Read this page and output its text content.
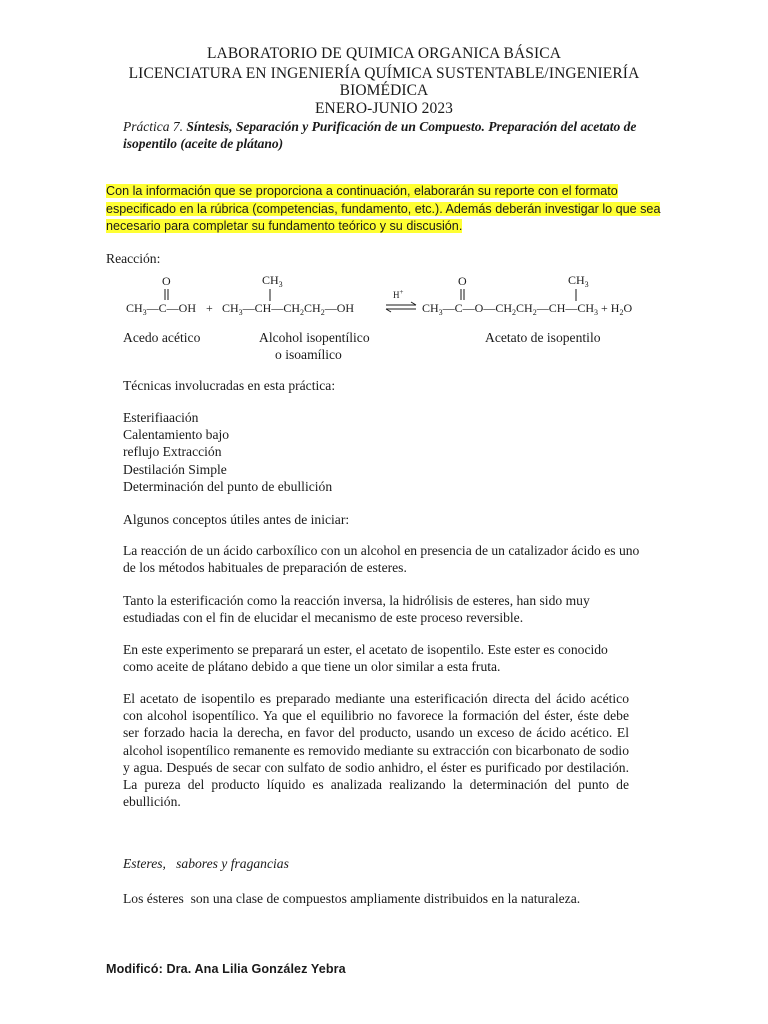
LABORATORIO DE QUIMICA ORGANICA BÁSICA
LICENCIATURA EN INGENIERÍA QUÍMICA SUSTENTABLE/INGENIERÍA
BIOMÉDICA
ENERO-JUNIO 2023
Práctica 7. Síntesis, Separación y Purificación de un Compuesto. Preparación del acetato de isopentilo (aceite de plátano)
Con la información que se proporciona a continuación, elaborarán su reporte con el formato especificado en la rúbrica (competencias, fundamento, etc.). Además deberán investigar lo que sea necesario para completar su fundamento teórico y su discusión.
Reacción:
O
$CH_3—C—OH$ +
$CH_3$
$CH_3—CH—CH_2CH_2—OH$
H+
O	$CH_3$
$CH_3—C—O—CH_2CH_2—CH—CH_3 + H_2O$
Acedo acético	Alcohol isopentílico
o isoamílico
Acetato de isopentilo
Técnicas involucradas en esta práctica:
Esterifiaación
Calentamiento bajo
reflujo Extracción
Destilación Simple
Determinación del punto de ebullición
Algunos conceptos útiles antes de iniciar:
La reacción de un ácido carboxílico con un alcohol en presencia de un catalizador ácido es uno de los métodos habituales de preparación de esteres.
Tanto la esterificación como la reacción inversa, la hidrólisis de esteres, han sido muy estudiadas con el fin de elucidar el mecanismo de este proceso reversible.
En este experimento se preparará un ester, el acetato de isopentilo. Este ester es conocido como aceite de plátano debido a que tiene un olor similar a esta fruta.
El acetato de isopentilo es preparado mediante una esterificación directa del ácido acético con alcohol isopentílico. Ya que el equilibrio no favorece la formación del éster, éste debe ser forzado hacia la derecha, en favor del producto, usando un exceso de ácido acético. El alcohol isopentílico remanente es removido mediante su extracción con bicarbonato de sodio y agua. Después de secar con sulfato de sodio anhidro, el éster es purificado por destilación. La pureza del producto líquido es analizada realizando la determinación del punto de ebullición.
Esteres,   sabores y fragancias
Los ésteres  son una clase de compuestos ampliamente distribuidos en la naturaleza.
Modificó: Dra. Ana Lilia González Yebra
